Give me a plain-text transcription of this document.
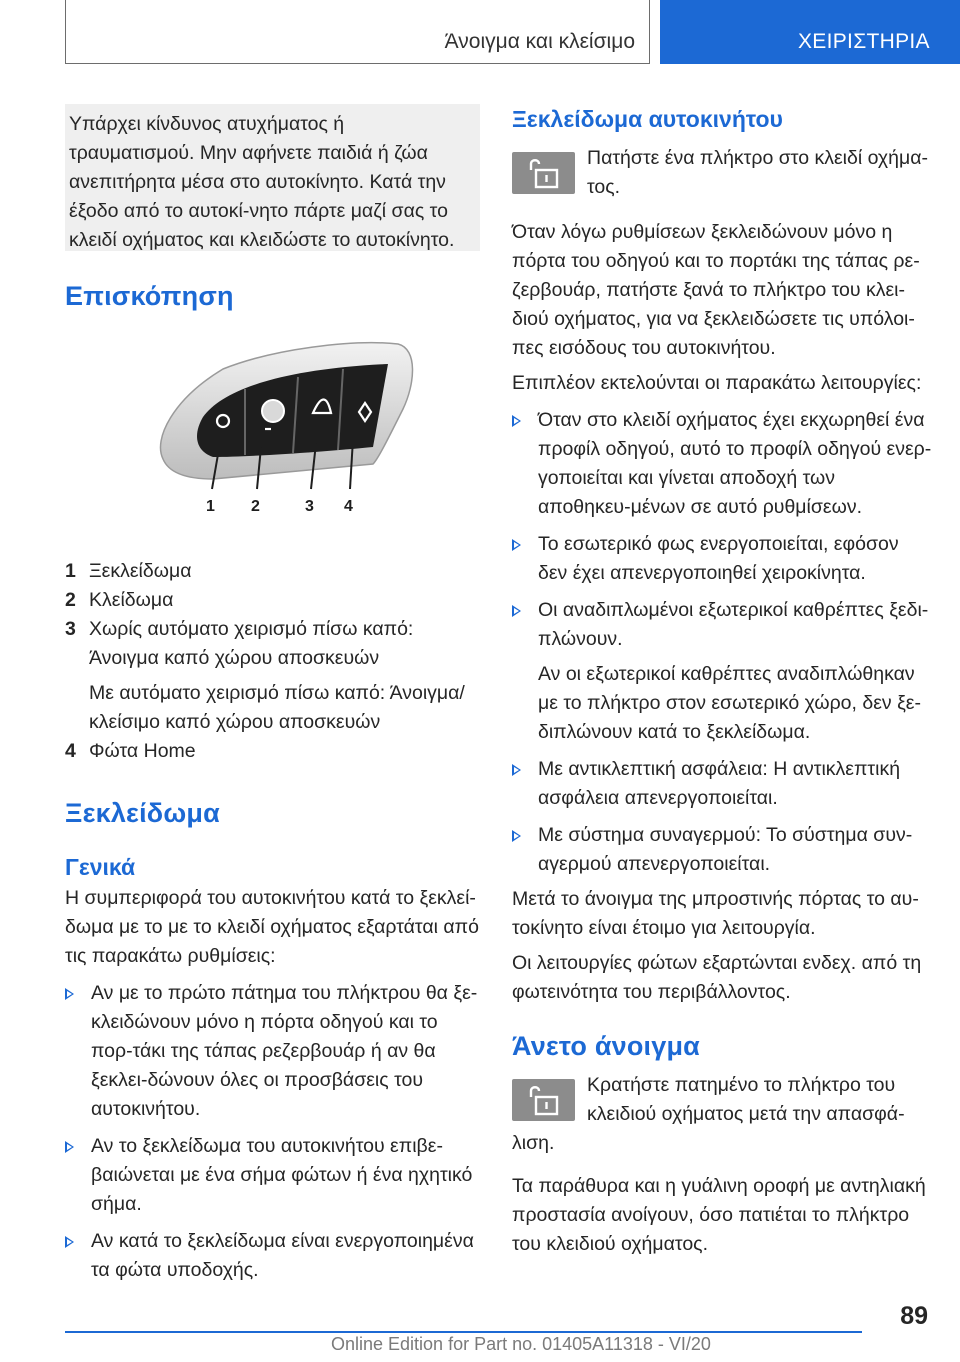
Άνοιγμα και κλείσιμο	ΧΕΙΡΙΣΤΗΡΙΑ

Υπάρχει κίνδυνος ατυχήματος ή τραυματισμού. Μην αφήνετε παιδιά ή ζώα ανεπιτήρητα μέσα στο αυτοκίνητο. Κατά την έξοδο από το αυτοκί-νητο πάρτε μαζί σας το κλειδί οχήματος και κλειδώστε το αυτοκίνητο.

Επισκόπηση
1 2	3 4
1 Ξεκλείδωμα

2 Κλείδωμα

3 Χωρίς αυτόματο χειρισμό πίσω καπό: Άνοιγμα καπό χώρου αποσκευών

Με αυτόματο χειρισμό πίσω καπό: Άνοιγμα/κλείσιμο καπό χώρου αποσκευών

4 Φώτα Home

Ξεκλείδωμα
Γενικά

Η συμπεριφορά του αυτοκινήτου κατά το ξεκλεί-δωμα με το με το κλειδί οχήματος εξαρτάται από τις παρακάτω ρυθμίσεις:

Αν με το πρώτο πάτημα του πλήκτρου θα ξε-κλειδώνουν μόνο η πόρτα οδηγού και το πορ-τάκι της τάπας ρεζερβουάρ ή αν θα ξεκλει-δώνουν όλες οι προσβάσεις του αυτοκινήτου.

Αν το ξεκλείδωμα του αυτοκινήτου επιβε-βαιώνεται με ένα σήμα φώτων ή ένα ηχητικό σήμα.

Αν κατά το ξεκλείδωμα είναι ενεργοποιημένα τα φώτα υποδοχής.

Ξεκλείδωμα αυτοκινήτου

Πατήστε ένα πλήκτρο στο κλειδί οχήμα-τος.

Όταν λόγω ρυθμίσεων ξεκλειδώνουν μόνο η πόρτα του οδηγού και το πορτάκι της τάπας ρε-ζερβουάρ, πατήστε ξανά το πλήκτρο του κλει-διού οχήματος, για να ξεκλειδώσετε τις υπόλοι-πες εισόδους του αυτοκινήτου.

Επιπλέον εκτελούνται οι παρακάτω λειτουργίες:

Όταν στο κλειδί οχήματος έχει εκχωρηθεί ένα προφίλ οδηγού, αυτό το προφίλ οδηγού ενερ-γοποιείται και γίνεται αποδοχή των αποθηκευ-μένων σε αυτό ρυθμίσεων.

Το εσωτερικό φως ενεργοποιείται, εφόσον δεν έχει απενεργοποιηθεί χειροκίνητα.

Οι αναδιπλωμένοι εξωτερικοί καθρέπτες ξεδι-πλώνουν.

Αν οι εξωτερικοί καθρέπτες αναδιπλώθηκαν με το πλήκτρο στον εσωτερικό χώρο, δεν ξε-διπλώνουν κατά το ξεκλείδωμα.

Με αντικλεπτική ασφάλεια: Η αντικλεπτική ασφάλεια απενεργοποιείται.

Με σύστημα συναγερμού: Το σύστημα συν-αγερμού απενεργοποιείται.

Μετά το άνοιγμα της μπροστινής πόρτας το αυ-τοκίνητο είναι έτοιμο για λειτουργία.

Οι λειτουργίες φώτων εξαρτώνται ενδεχ. από τη φωτεινότητα του περιβάλλοντος.

Άνετο άνοιγμα

Κρατήστε πατημένο το πλήκτρο του κλειδιού οχήματος μετά την απασφά-λιση.

Τα παράθυρα και η γυάλινη οροφή με αντηλιακή προστασία ανοίγουν, όσο πατιέται το πλήκτρο του κλειδιού οχήματος.

89
Online Edition for Part no. 01405A11318 - VI/20
